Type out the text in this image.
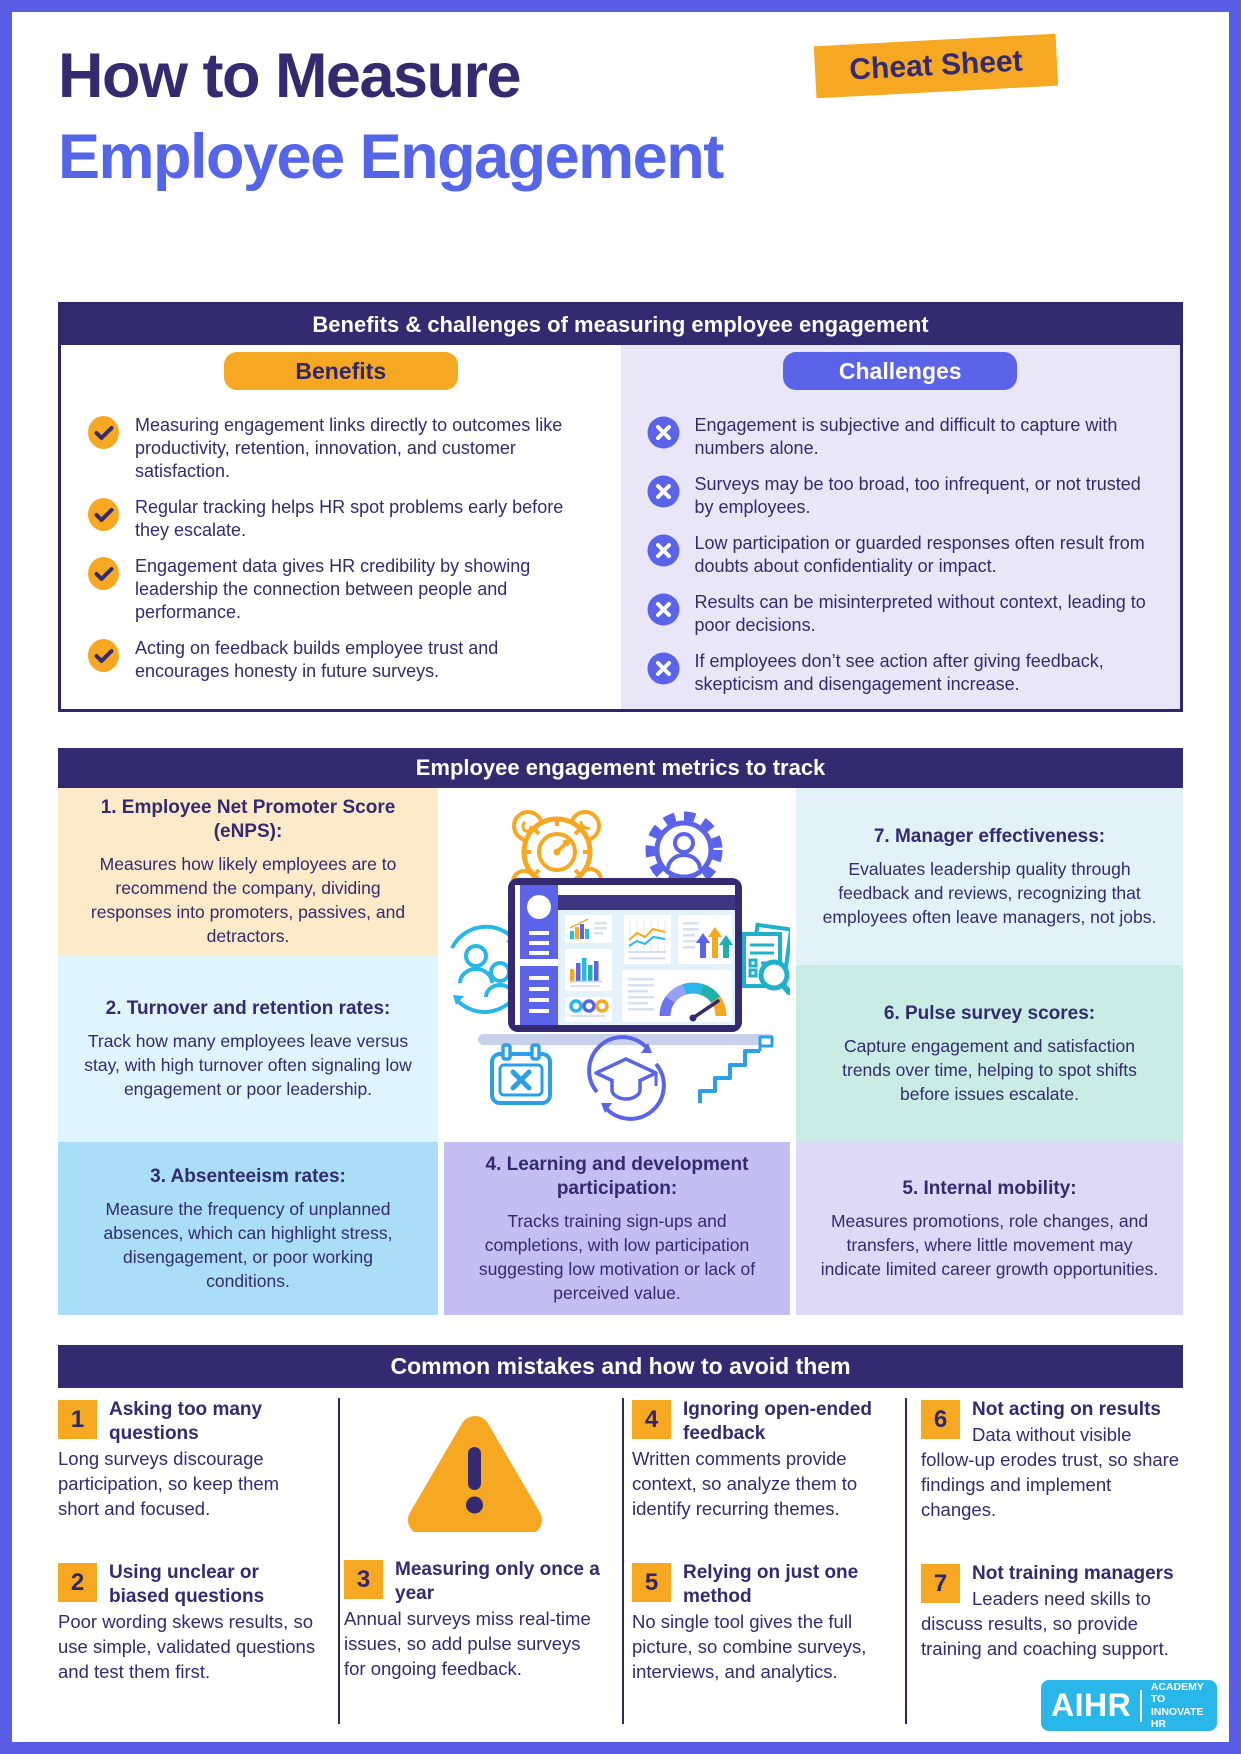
How to Measure
Employee Engagement
Cheat Sheet
Benefits & challenges of measuring employee engagement
Benefits

Measuring engagement links directly to outcomes like productivity, retention, innovation, and customer satisfaction.

Regular tracking helps HR spot problems early before they escalate.

Engagement data gives HR credibility by showing leadership the connection between people and performance.

Acting on feedback builds employee trust and encourages honesty in future surveys.

Challenges

Engagement is subjective and difficult to capture with numbers alone.

Surveys may be too broad, too infrequent, or not trusted by employees.

Low participation or guarded responses often result from doubts about confidentiality or impact.

Results can be misinterpreted without context, leading to poor decisions.

If employees don’t see action after giving feedback, skepticism and disengagement increase.

Employee engagement metrics to track
1. Employee Net Promoter Score (eNPS):

Measures how likely employees are to recommend the company, dividing responses into promoters, passives, and detractors.

2. Turnover and retention rates:

Track how many employees leave versus stay, with high turnover often signaling low engagement or poor leadership.

3. Absenteeism rates:

Measure the frequency of unplanned absences, which can highlight stress, disengagement, or poor working conditions.

4. Learning and development participation:

Tracks training sign-ups and completions, with low participation suggesting low motivation or lack of perceived value.

5. Internal mobility:

Measures promotions, role changes, and transfers, where little movement may indicate limited career growth opportunities.

6. Pulse survey scores:

Capture engagement and satisfaction trends over time, helping to spot shifts before issues escalate.

7. Manager effectiveness:

Evaluates leadership quality through feedback and reviews, recognizing that employees often leave managers, not jobs.

Common mistakes and how to avoid them
1	Asking too many questions
Long surveys discourage participation, so keep them short and focused.
2	Using unclear or biased questions
Poor wording skews results, so use simple, validated questions and test them first.
3	Measuring only once a year
Annual surveys miss real-time issues, so add pulse surveys for ongoing feedback.
4	Ignoring open-ended feedback
Written comments provide context, so analyze them to identify recurring themes.
5	Relying on just one method
No single tool gives the full picture, so combine surveys, interviews, and analytics.
6	Not acting on results
Data without visible follow-up erodes trust, so share findings and implement changes.
7	Not training managers
Leaders need skills to discuss results, so provide training and coaching support.
AIHR
ACADEMY TO
INNOVATE HR
